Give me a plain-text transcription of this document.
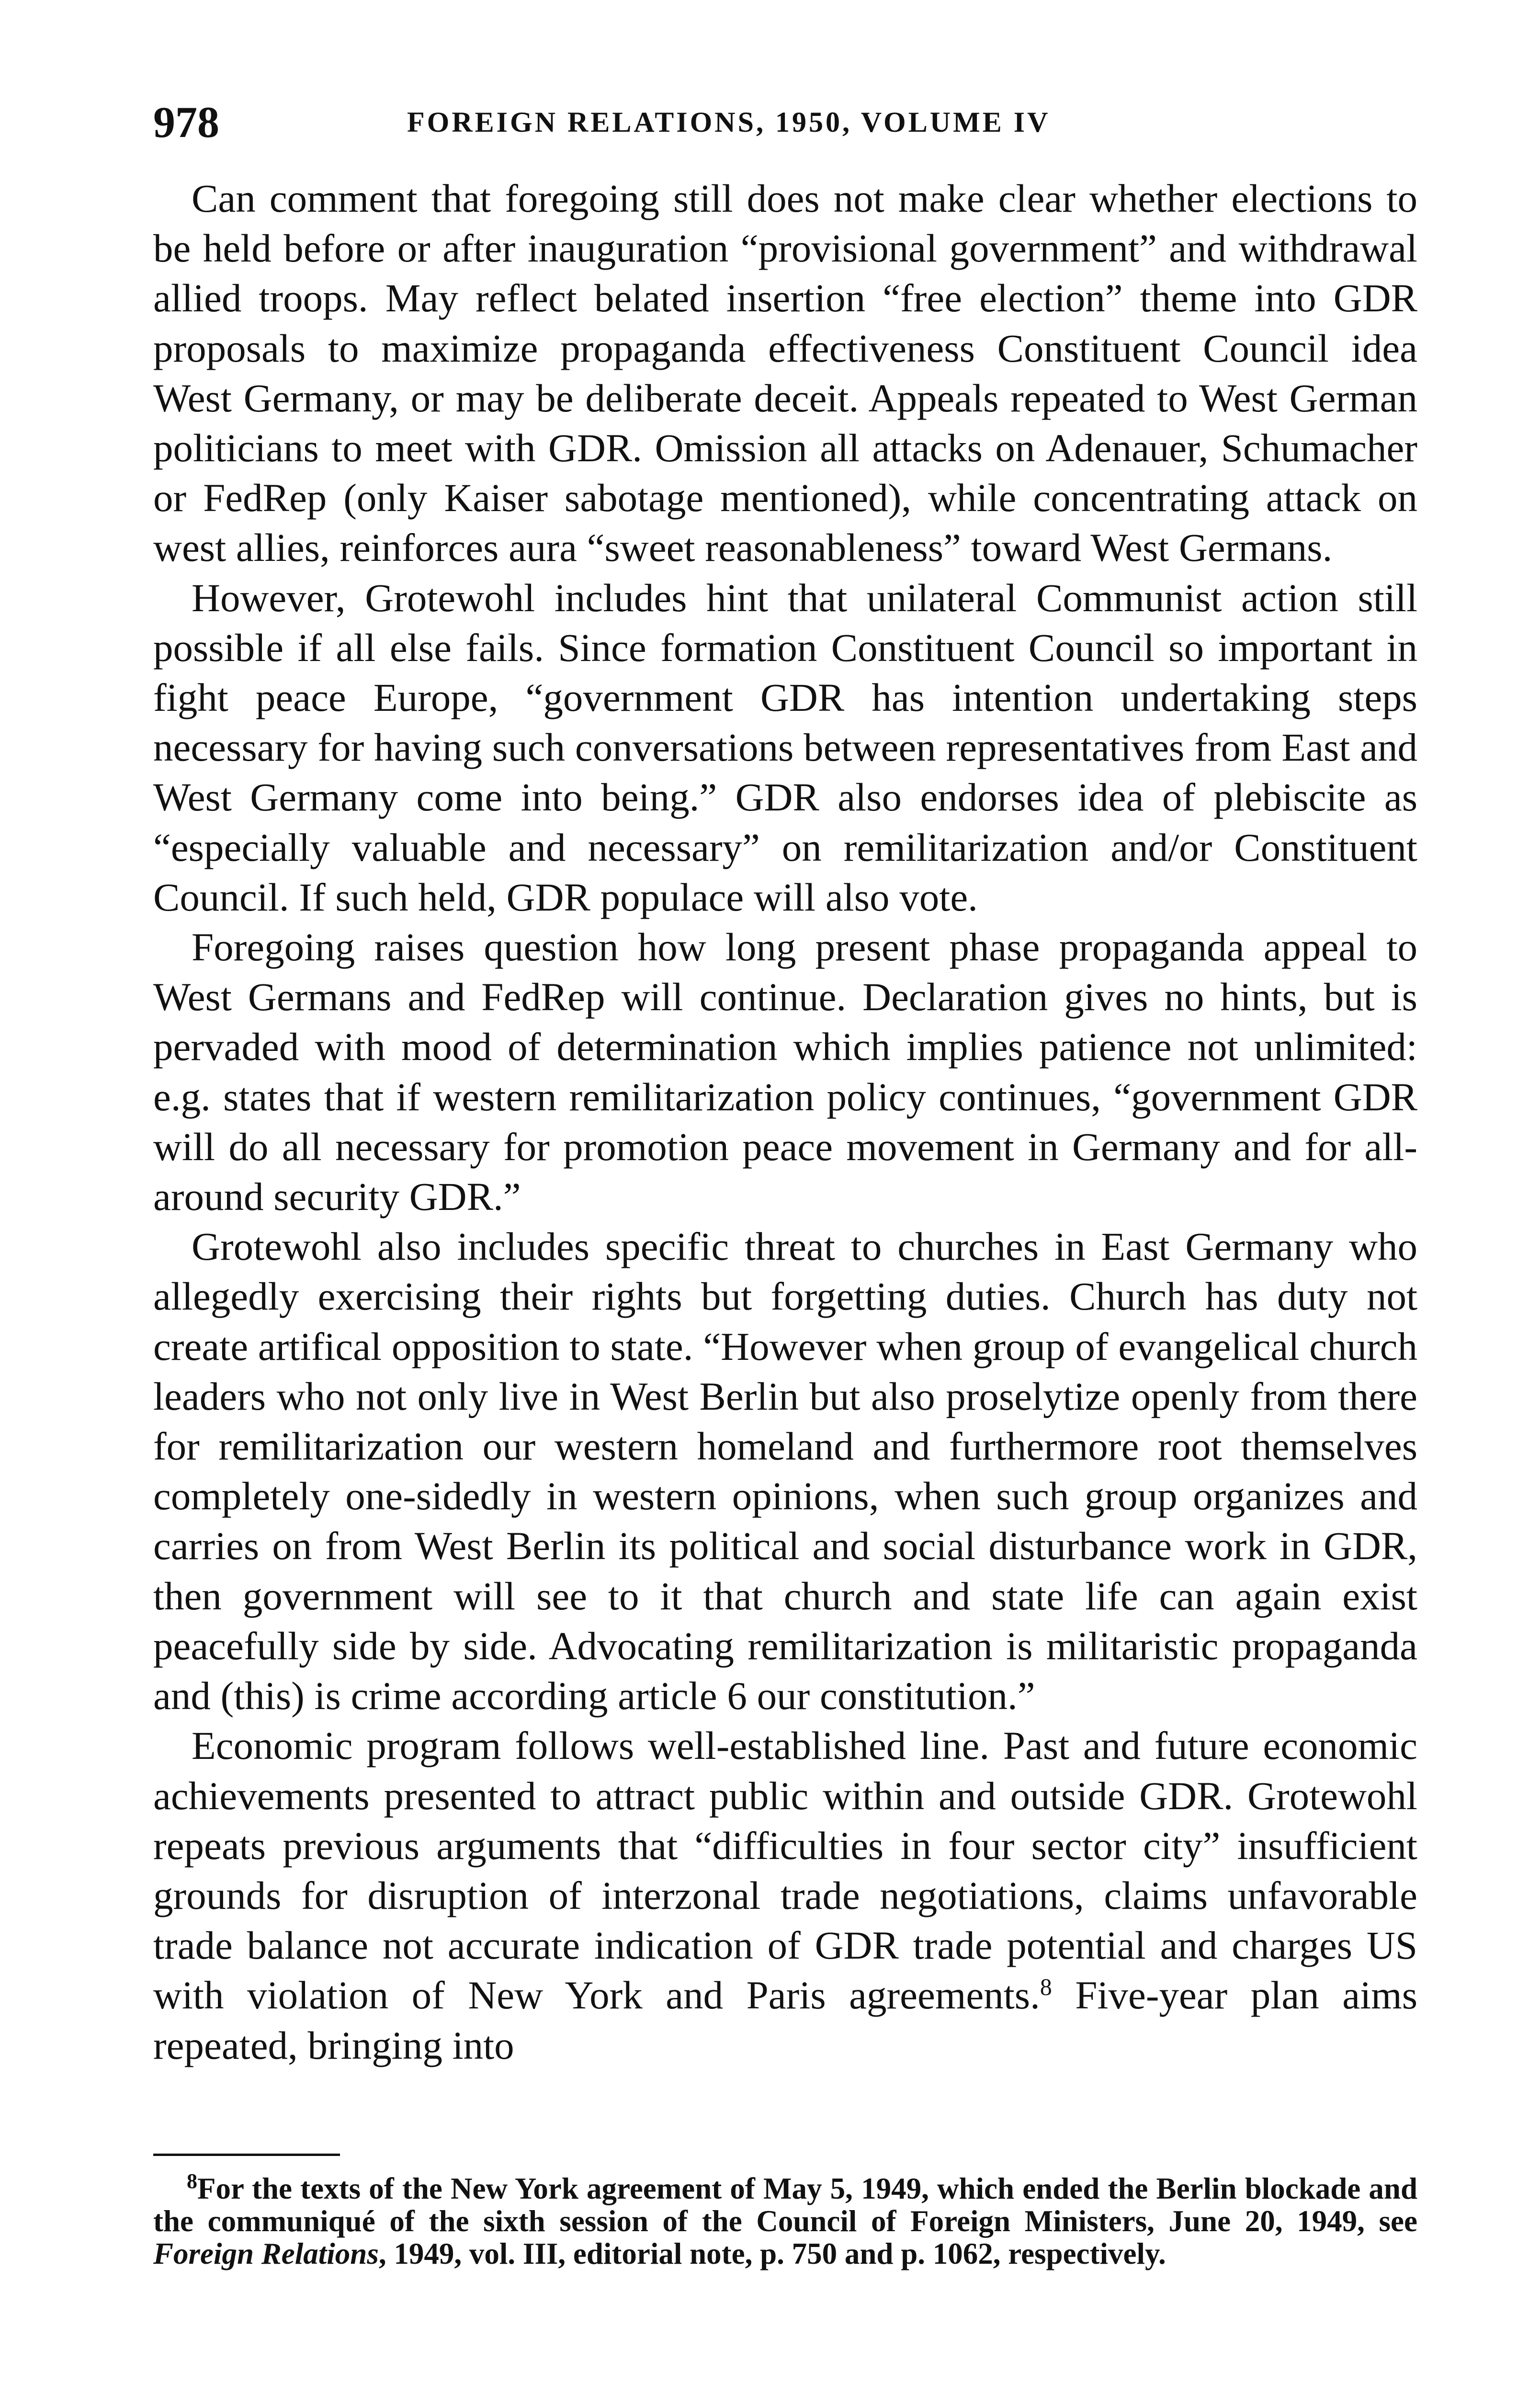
978	FOREIGN RELATIONS, 1950, VOLUME IV

Can comment that foregoing still does not make clear whether elections to be held before or after inauguration “provisional government” and withdrawal allied troops. May reflect belated insertion “free election” theme into GDR proposals to maximize propaganda effectiveness Constituent Council idea West Germany, or may be deliberate deceit. Appeals repeated to West German politicians to meet with GDR. Omission all attacks on Adenauer, Schumacher or FedRep (only Kaiser sabotage mentioned), while concentrating attack on west allies, reinforces aura “sweet reasonableness” toward West Germans.

However, Grotewohl includes hint that unilateral Communist action still possible if all else fails. Since formation Constituent Council so important in fight peace Europe, “government GDR has intention undertaking steps necessary for having such conversations between representatives from East and West Germany come into being.” GDR also endorses idea of plebiscite as “especially valuable and necessary” on remilitarization and/or Constituent Council. If such held, GDR populace will also vote.

Foregoing raises question how long present phase propaganda appeal to West Germans and FedRep will continue. Declaration gives no hints, but is pervaded with mood of determination which implies patience not unlimited: e.g. states that if western remilitarization policy continues, “government GDR will do all necessary for promotion peace movement in Germany and for all-around security GDR.”

Grotewohl also includes specific threat to churches in East Germany who allegedly exercising their rights but forgetting duties. Church has duty not create artifical opposition to state. “However when group of evangelical church leaders who not only live in West Berlin but also proselytize openly from there for remilitarization our western homeland and furthermore root themselves completely one-sidedly in western opinions, when such group organizes and carries on from West Berlin its political and social disturbance work in GDR, then government will see to it that church and state life can again exist peacefully side by side. Advocating remilitarization is militaristic propaganda and (this) is crime according article 6 our constitution.”

Economic program follows well-established line. Past and future economic achievements presented to attract public within and outside GDR. Grotewohl repeats previous arguments that “difficulties in four sector city” insufficient grounds for disruption of interzonal trade negotiations, claims unfavorable trade balance not accurate indication of GDR trade potential and charges US with violation of New York and Paris agreements.$^8$ Five-year plan aims repeated, bringing into

$^8$For the texts of the New York agreement of May 5, 1949, which ended the Berlin blockade and the communiqué of the sixth session of the Council of Foreign Ministers, June 20, 1949, see Foreign Relations, 1949, vol. III, editorial note, p. 750 and p. 1062, respectively.
